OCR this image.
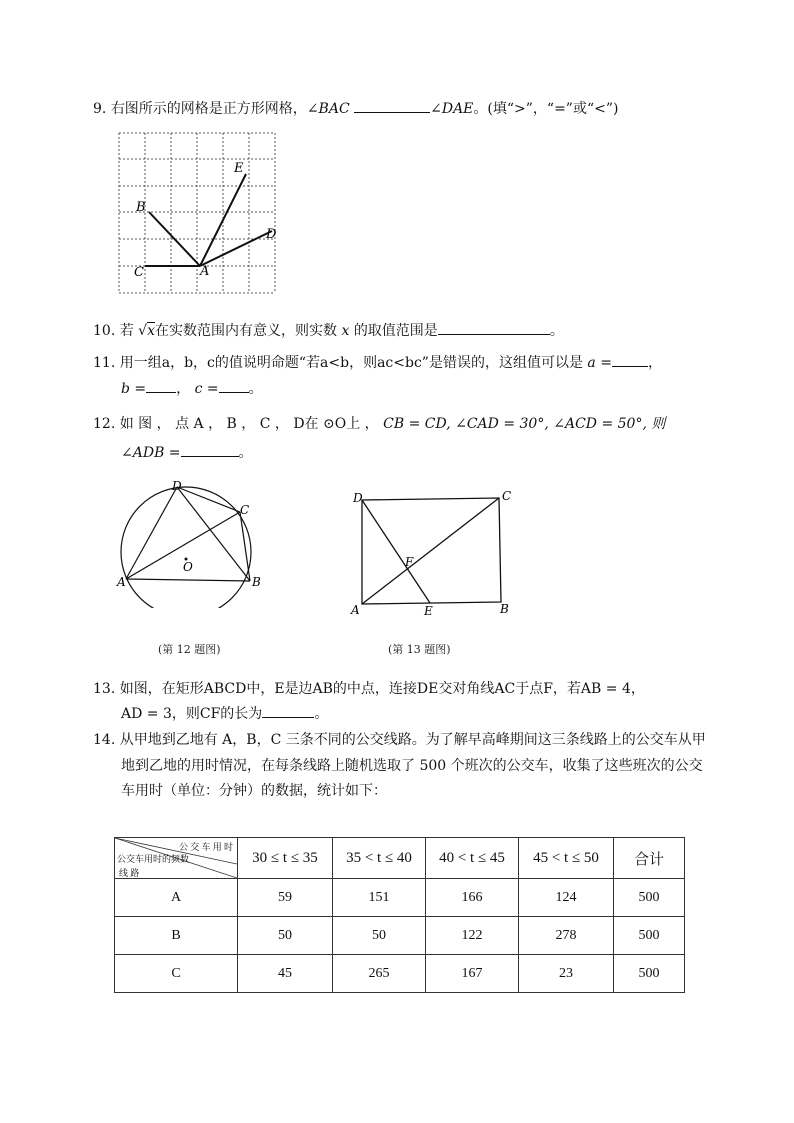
9. 右图所示的网格是正方形网格，∠BAC	∠DAE。(填“>”，“=”或“<”)
C
B
A
E
D
10. 若 √x在实数范围内有意义，则实数 x 的取值范围是	。
11. 用一组a，b，c的值说明命题“若a<b，则ac<bc”是错误的，这组值可以是 a =	，
b = ， c = 。
12. 如 图 ， 点 A ， B ， C ， D在 ⊙O上 ， CB = CD, ∠CAD = 30°, ∠ACD = 50°, 则
∠ADB =	。
D
C
A	B
O
(第 12 题图)
D	C
A	B
E
F
(第 13 题图)
13. 如图，在矩形ABCD中，E是边AB的中点，连接DE交对角线AC于点F，若AB = 4，
AD = 3，则CF的长为	。
14. 从甲地到乙地有 A，B，C 三条不同的公交线路。为了解早高峰期间这三条线路上的公交车从甲
地到乙地的用时情况，在每条线路上随机选取了 500 个班次的公交车，收集了这些班次的公交
车用时（单位：分钟）的数据，统计如下：
公 交 车 用 时
公交车用时的频数
线 路	30 ≤ t ≤ 35	35 < t ≤ 40	40 < t ≤ 45	45 < t ≤ 50	合计
A	59	151	166	124	500
B	50	50	122	278	500
C	45	265	167	23	500
